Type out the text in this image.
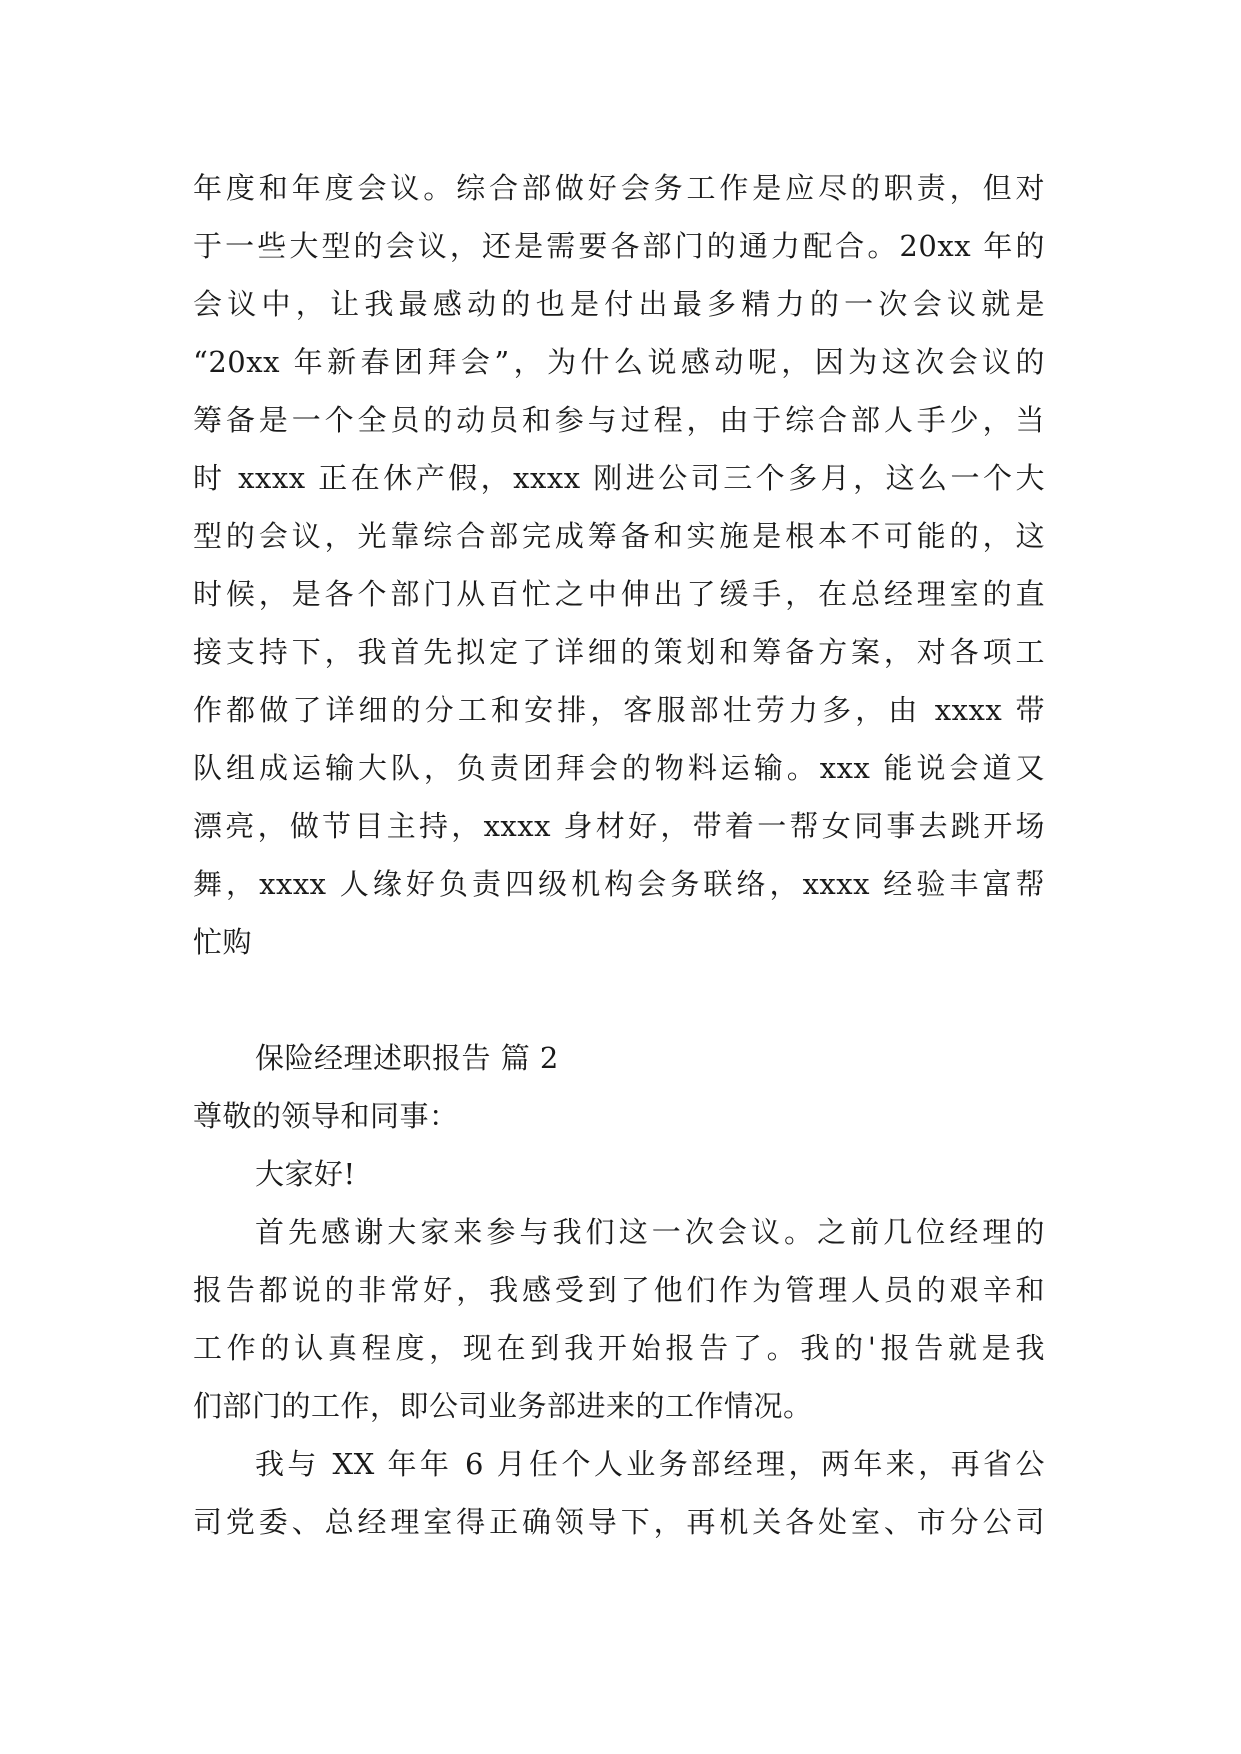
年度和年度会议。综合部做好会务工作是应尽的职责，但对
于一些大型的会议，还是需要各部门的通力配合。20xx 年的
会议中，让我最感动的也是付出最多精力的一次会议就是
“20xx 年新春团拜会”，为什么说感动呢，因为这次会议的
筹备是一个全员的动员和参与过程，由于综合部人手少，当
时 xxxx 正在休产假，xxxx 刚进公司三个多月，这么一个大
型的会议，光靠综合部完成筹备和实施是根本不可能的，这
时候，是各个部门从百忙之中伸出了缓手，在总经理室的直
接支持下，我首先拟定了详细的策划和筹备方案，对各项工
作都做了详细的分工和安排，客服部壮劳力多，由 xxxx 带
队组成运输大队，负责团拜会的物料运输。xxx 能说会道又
漂亮，做节目主持，xxxx 身材好，带着一帮女同事去跳开场
舞，xxxx 人缘好负责四级机构会务联络，xxxx 经验丰富帮
忙购
保险经理述职报告 篇 2
尊敬的领导和同事：
大家好!
首先感谢大家来参与我们这一次会议。之前几位经理的
报告都说的非常好，我感受到了他们作为管理人员的艰辛和
工作的认真程度，现在到我开始报告了。我的'报告就是我
们部门的工作，即公司业务部进来的工作情况。
我与 XX 年年 6 月任个人业务部经理，两年来，再省公
司党委、总经理室得正确领导下，再机关各处室、市分公司
